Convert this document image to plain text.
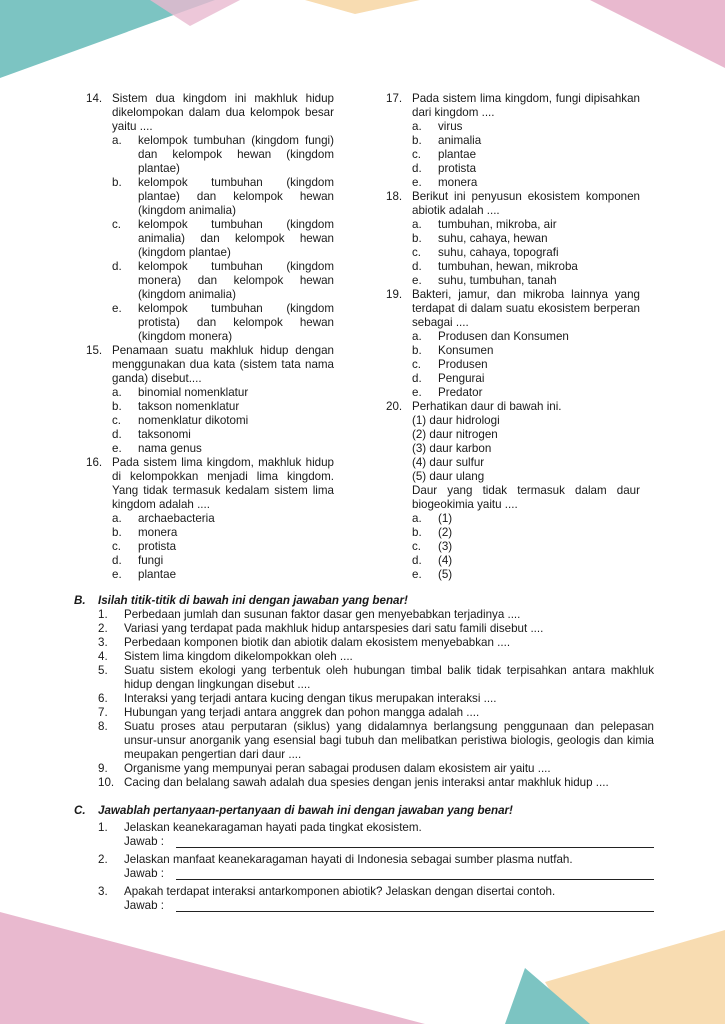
14. Sistem dua kingdom ini makhluk hidup dikelompokan dalam dua kelompok besar yaitu ....
a.	kelompok tumbuhan (kingdom fungi) dan kelompok hewan (kingdom plantae)
b.	kelompok tumbuhan (kingdom plantae) dan kelompok hewan (kingdom animalia)
c.	kelompok tumbuhan (kingdom animalia) dan kelompok hewan (kingdom plantae)
d.	kelompok tumbuhan (kingdom monera) dan kelompok hewan (kingdom animalia)
e.	kelompok tumbuhan (kingdom protista) dan kelompok hewan (kingdom monera)
15. Penamaan suatu makhluk hidup dengan menggunakan dua kata (sistem tata nama ganda) disebut....
a.	binomial nomenklatur
b.	takson nomenklatur
c.	nomenklatur dikotomi
d.	taksonomi
e.	nama genus
16. Pada sistem lima kingdom, makhluk hidup di kelompokkan menjadi lima kingdom. Yang tidak termasuk kedalam sistem lima kingdom adalah ....
a.	archaebacteria
b.	monera
c.	protista
d.	fungi
e.	plantae
17. Pada sistem lima kingdom, fungi dipisahkan dari kingdom ....
a.	virus
b.	animalia
c.	plantae
d.	protista
e.	monera
18. Berikut ini penyusun ekosistem komponen abiotik adalah ....
a.	tumbuhan, mikroba, air
b.	suhu, cahaya, hewan
c.	suhu, cahaya, topografi
d.	tumbuhan, hewan, mikroba
e.	suhu, tumbuhan, tanah
19. Bakteri, jamur, dan mikroba lainnya yang terdapat di dalam suatu ekosistem berperan sebagai ....
a.	Produsen dan Konsumen
b.	Konsumen
c.	Produsen
d.	Pengurai
e.	Predator
20. Perhatikan daur di bawah ini.
(1) daur hidrologi
(2) daur nitrogen
(3) daur karbon
(4) daur sulfur
(5) daur ulang
Daur yang tidak termasuk dalam daur biogeokimia yaitu ....
a.	(1)
b.	(2)
c.	(3)
d.	(4)
e.	(5)
B.	Isilah titik-titik di bawah ini dengan jawaban yang benar!
1.	Perbedaan jumlah dan susunan faktor dasar gen menyebabkan terjadinya ....
2.	Variasi yang terdapat pada makhluk hidup antarspesies dari satu famili disebut ....
3.	Perbedaan komponen biotik dan abiotik dalam ekosistem menyebabkan ....
4.	Sistem lima kingdom dikelompokkan oleh ....
5.	Suatu sistem ekologi yang terbentuk oleh hubungan timbal balik tidak terpisahkan antara makhluk hidup dengan lingkungan disebut ....
6.	Interaksi yang terjadi antara kucing dengan tikus merupakan interaksi ....
7.	Hubungan yang terjadi antara anggrek dan pohon mangga adalah ....
8.	Suatu proses atau perputaran (siklus) yang didalamnya berlangsung penggunaan dan pelepasan unsur-unsur anorganik yang esensial bagi tubuh dan melibatkan peristiwa biologis, geologis dan kimia meupakan pengertian dari daur ....
9.	Organisme yang mempunyai peran sabagai produsen dalam ekosistem air yaitu ....
10. Cacing dan belalang sawah adalah dua spesies dengan jenis interaksi antar makhluk hidup ....
C.	Jawablah pertanyaan-pertanyaan di bawah ini dengan jawaban yang benar!
1.	Jelaskan keanekaragaman hayati pada tingkat ekosistem.
Jawab :
2.	Jelaskan manfaat keanekaragaman hayati di Indonesia sebagai sumber plasma nutfah.
Jawab :
3.	Apakah terdapat interaksi antarkomponen abiotik? Jelaskan dengan disertai contoh.
Jawab :
